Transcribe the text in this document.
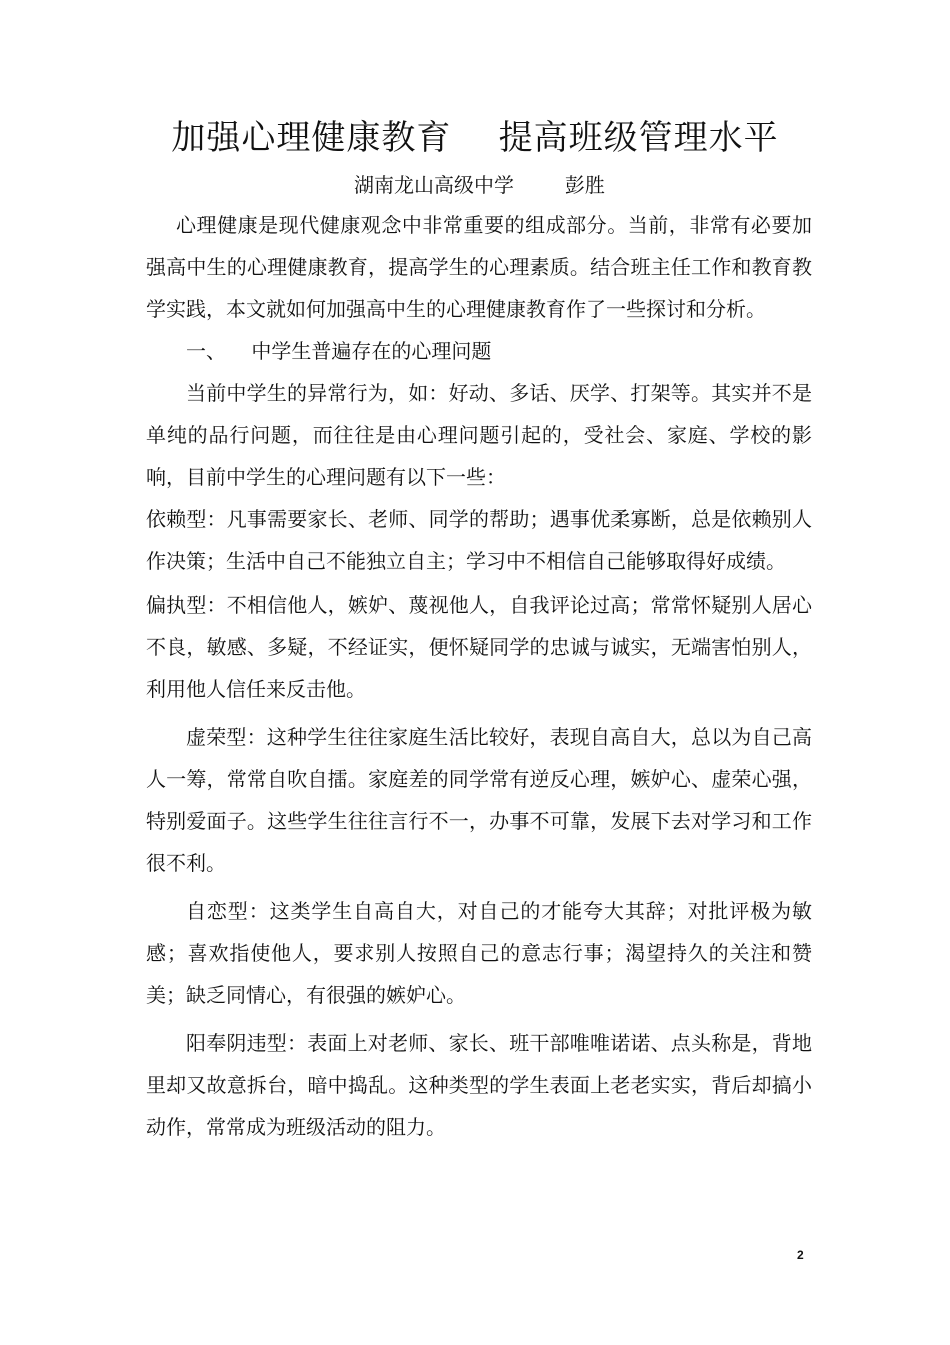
加强心理健康教育    提高班级管理水平
湖南龙山高级中学        彭胜

心理健康是现代健康观念中非常重要的组成部分。当前，非常有必要加强高中生的心理健康教育，提高学生的心理素质。结合班主任工作和教育教学实践，本文就如何加强高中生的心理健康教育作了一些探讨和分析。

一、    中学生普遍存在的心理问题

当前中学生的异常行为，如：好动、多话、厌学、打架等。其实并不是单纯的品行问题，而往往是由心理问题引起的，受社会、家庭、学校的影响，目前中学生的心理问题有以下一些：

依赖型：凡事需要家长、老师、同学的帮助；遇事优柔寡断，总是依赖别人作决策；生活中自己不能独立自主；学习中不相信自己能够取得好成绩。

偏执型：不相信他人，嫉妒、蔑视他人，自我评论过高；常常怀疑别人居心不良，敏感、多疑，不经证实，便怀疑同学的忠诚与诚实，无端害怕别人，利用他人信任来反击他。

虚荣型：这种学生往往家庭生活比较好，表现自高自大，总以为自己高人一筹，常常自吹自擂。家庭差的同学常有逆反心理，嫉妒心、虚荣心强，特别爱面子。这些学生往往言行不一，办事不可靠，发展下去对学习和工作很不利。

自恋型：这类学生自高自大，对自己的才能夸大其辞；对批评极为敏感；喜欢指使他人，要求别人按照自己的意志行事；渴望持久的关注和赞美；缺乏同情心，有很强的嫉妒心。

阳奉阴违型：表面上对老师、家长、班干部唯唯诺诺、点头称是，背地里却又故意拆台，暗中捣乱。这种类型的学生表面上老老实实，背后却搞小动作，常常成为班级活动的阻力。

2
